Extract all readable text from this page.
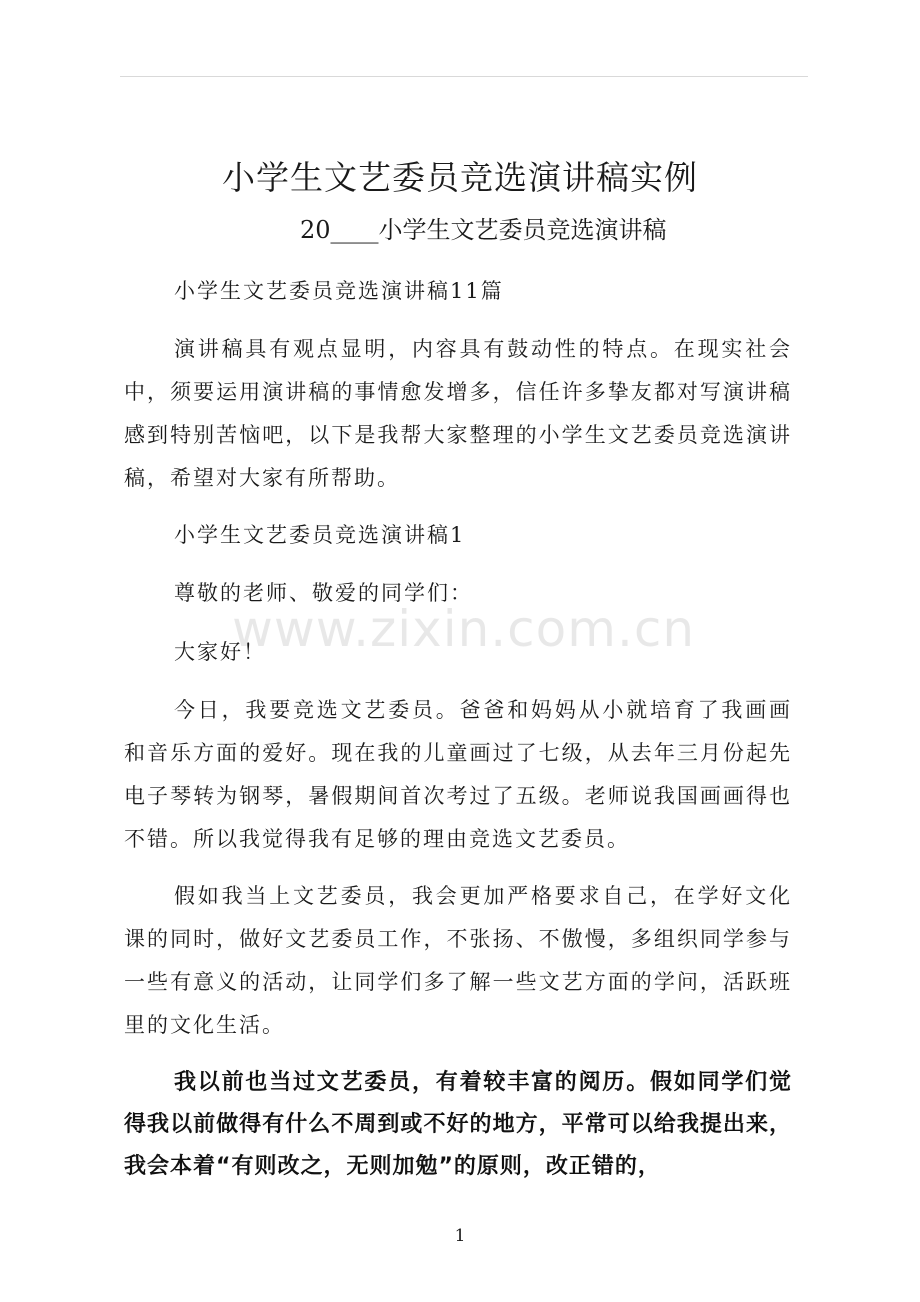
小学生文艺委员竞选演讲稿实例

20____小学生文艺委员竞选演讲稿

小学生文艺委员竞选演讲稿11篇

演讲稿具有观点显明，内容具有鼓动性的特点。在现实社会中，须要运用演讲稿的事情愈发增多，信任许多挚友都对写演讲稿感到特别苦恼吧，以下是我帮大家整理的小学生文艺委员竞选演讲稿，希望对大家有所帮助。

小学生文艺委员竞选演讲稿1

尊敬的老师、敬爱的同学们：

大家好！

今日，我要竞选文艺委员。爸爸和妈妈从小就培育了我画画和音乐方面的爱好。现在我的儿童画过了七级，从去年三月份起先电子琴转为钢琴，暑假期间首次考过了五级。老师说我国画画得也不错。所以我觉得我有足够的理由竞选文艺委员。

假如我当上文艺委员，我会更加严格要求自己，在学好文化课的同时，做好文艺委员工作，不张扬、不傲慢，多组织同学参与一些有意义的活动，让同学们多了解一些文艺方面的学问，活跃班里的文化生活。

我以前也当过文艺委员，有着较丰富的阅历。假如同学们觉得我以前做得有什么不周到或不好的地方，平常可以给我提出来，我会本着“有则改之，无则加勉”的原则，改正错的，

www.zixin.com.cn
1
